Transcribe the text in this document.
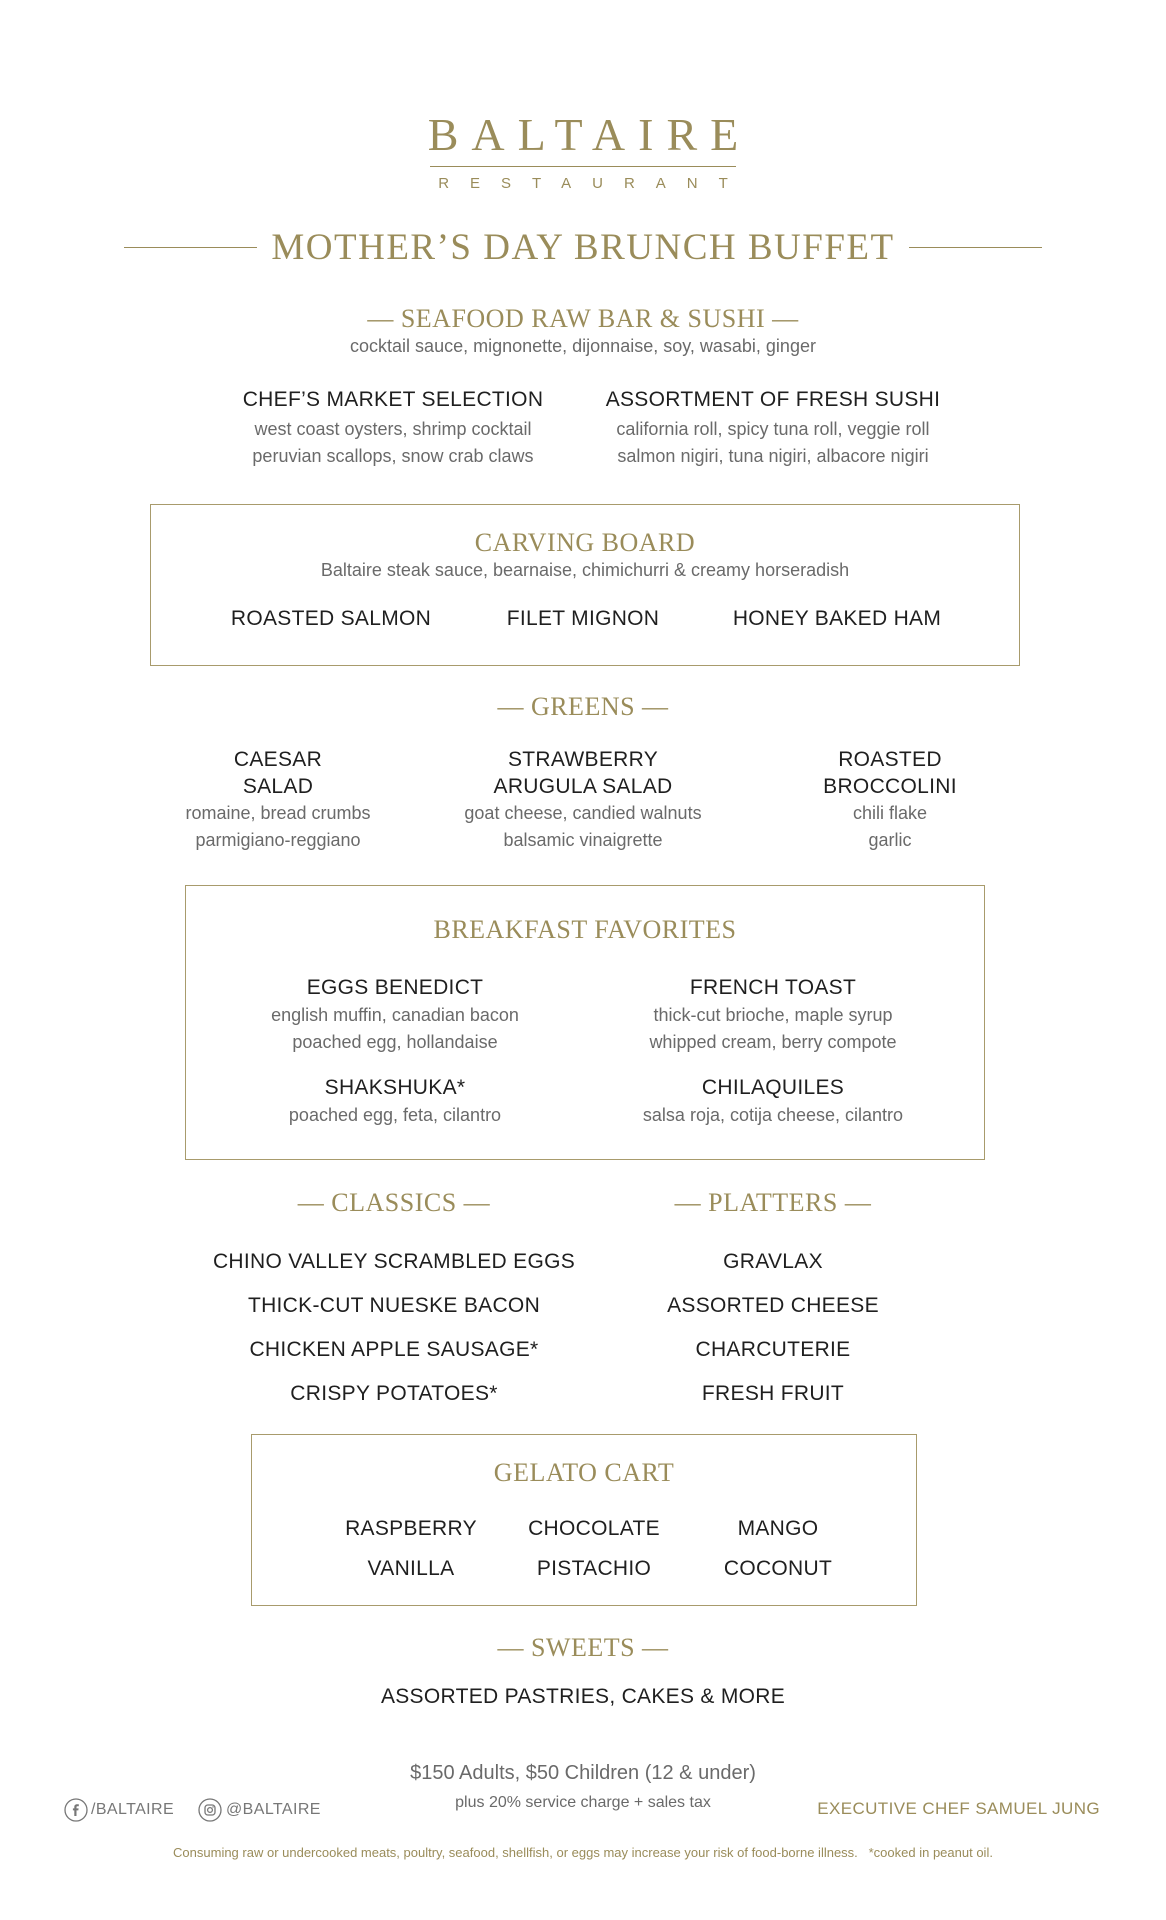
BALTAIRE
RESTAURANT
MOTHER’S DAY BRUNCH BUFFET
— SEAFOOD RAW BAR & SUSHI —
cocktail sauce, mignonette, dijonnaise, soy, wasabi, ginger
CHEF’S MARKET SELECTION
west coast oysters, shrimp cocktail
peruvian scallops, snow crab claws
ASSORTMENT OF FRESH SUSHI
california roll, spicy tuna roll, veggie roll
salmon nigiri, tuna nigiri, albacore nigiri
CARVING BOARD
Baltaire steak sauce, bearnaise, chimichurri & creamy horseradish
ROASTED SALMON	FILET MIGNON	HONEY BAKED HAM
— GREENS —
CAESAR
SALAD
romaine, bread crumbs
parmigiano-reggiano
STRAWBERRY
ARUGULA SALAD
goat cheese, candied walnuts
balsamic vinaigrette
ROASTED
BROCCOLINI
chili flake
garlic
BREAKFAST FAVORITES
EGGS BENEDICT
english muffin, canadian bacon
poached egg, hollandaise
FRENCH TOAST
thick-cut brioche, maple syrup
whipped cream, berry compote
SHAKSHUKA*
poached egg, feta, cilantro
CHILAQUILES
salsa roja, cotija cheese, cilantro
— CLASSICS —
CHINO VALLEY SCRAMBLED EGGS
THICK-CUT NUESKE BACON
CHICKEN APPLE SAUSAGE*
CRISPY POTATOES*
— PLATTERS —
GRAVLAX
ASSORTED CHEESE
CHARCUTERIE
FRESH FRUIT
GELATO CART
RASPBERRY	CHOCOLATE	MANGO
VANILLA	PISTACHIO	COCONUT
— SWEETS —
ASSORTED PASTRIES, CAKES & MORE
$150 Adults, $50 Children (12 & under)
plus 20% service charge + sales tax
/BALTAIRE	@BALTAIRE	EXECUTIVE CHEF SAMUEL JUNG
Consuming raw or undercooked meats, poultry, seafood, shellfish, or eggs may increase your risk of food-borne illness.   *cooked in peanut oil.
